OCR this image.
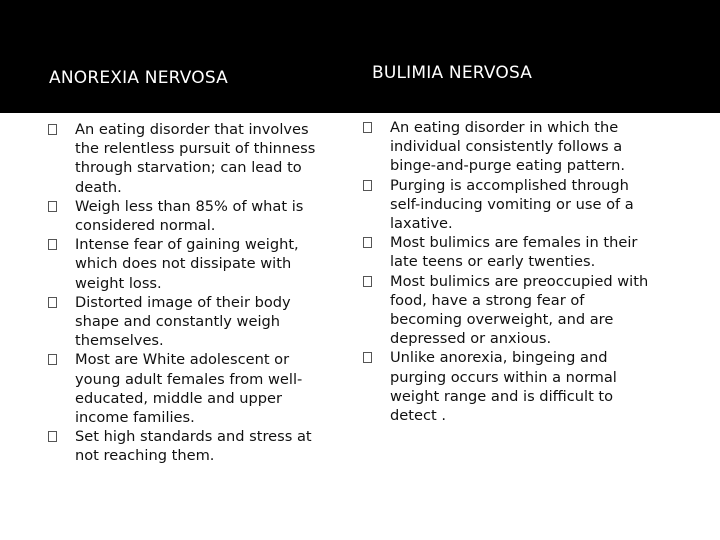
ANOREXIA NERVOSA	BULIMIA NERVOSA
An eating disorder that involves the relentless pursuit of thinness through starvation; can lead to death.
Weigh less than 85% of what is considered normal.
Intense fear of gaining weight, which does not dissipate with weight loss.
Distorted image of their body shape and constantly weigh themselves.
Most are White adolescent or young adult females from well-educated, middle and upper income families.
Set high standards and stress at not reaching them.
An eating disorder in which the individual consistently follows a binge-and-purge eating pattern.
Purging is accomplished through self-inducing vomiting or use of a laxative.
Most bulimics are females in their late teens or early twenties.
Most bulimics are preoccupied with food, have a strong fear of becoming overweight, and are depressed or anxious.
Unlike anorexia, bingeing and purging occurs within a normal weight range and is difficult to detect .
